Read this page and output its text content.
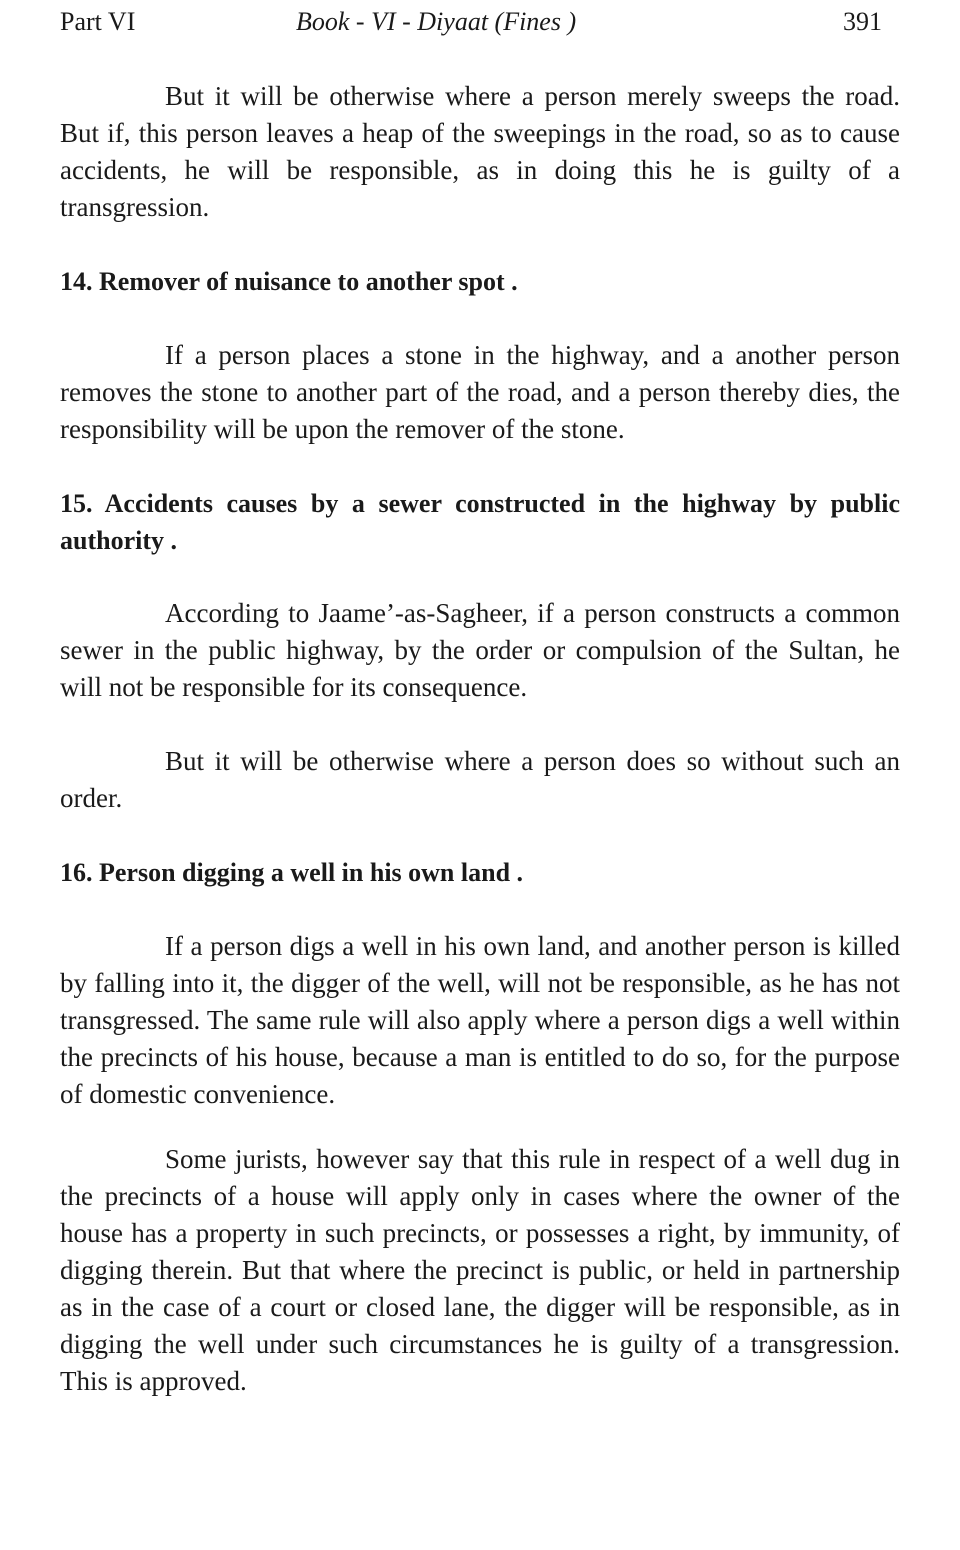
Part VI	Book - VI - Diyaat (Fines )	391

But it will be otherwise where a person merely sweeps the road. But if, this person leaves a heap of the sweepings in the road, so as to cause accidents, he will be responsible, as in doing this he is guilty of a transgression.

14. Remover of nuisance to another spot .

If a person places a stone in the highway, and a another person removes the stone to another part of the road, and a person thereby dies, the responsibility will be upon the remover of the stone.

15. Accidents causes by a sewer constructed in the highway by public authority .

According to Jaame’-as-Sagheer, if a person constructs a common sewer in the public highway, by the order or compulsion of the Sultan, he will not be responsible for its consequence.

But it will be otherwise where a person does so without such an order.

16. Person digging a well in his own land .

If a person digs a well in his own land, and another person is killed by falling into it, the digger of the well, will not be responsible, as he has not transgressed. The same rule will also apply where a person digs a well within the precincts of his house, because a man is entitled to do so, for the purpose of domestic convenience.

Some jurists, however say that this rule in respect of a well dug in the precincts of a house will apply only in cases where the owner of the house has a property in such precincts, or possesses a right, by immunity, of digging therein. But that where the precinct is public, or held in partnership as in the case of a court or closed lane, the digger will be responsible, as in digging the well under such circumstances he is guilty of a transgression. This is approved.
